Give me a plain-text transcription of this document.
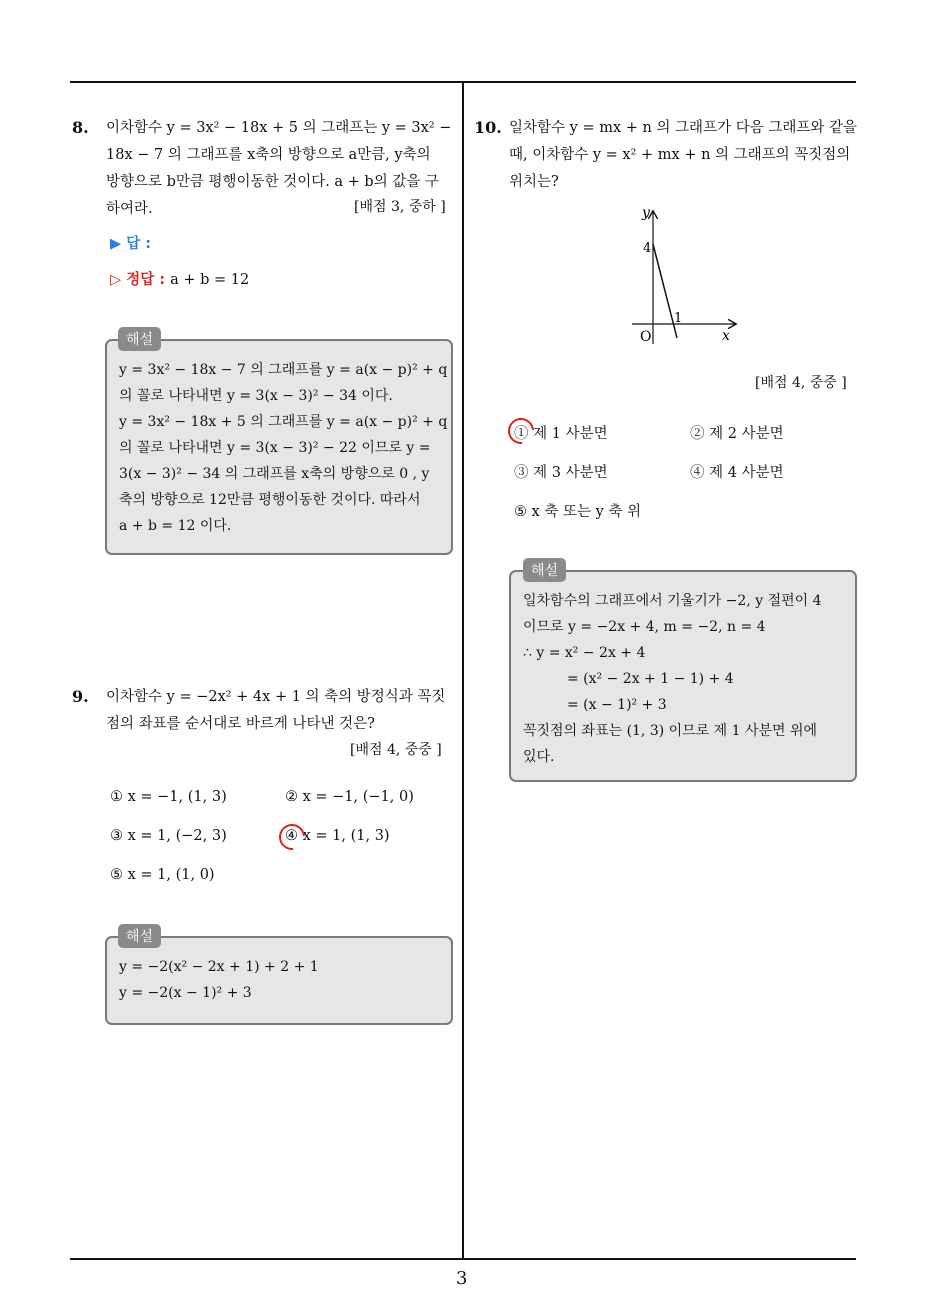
8. 이차함수 y = 3x² − 18x + 5 의 그래프는 y = 3x² −
18x − 7 의 그래프를 x축의 방향으로 a만큼, y축의
방향으로 b만큼 평행이동한 것이다. a + b의 값을 구
하여라.	[배점 3, 중하 ]
▶ 답 :
▷ 정답 : a + b = 12
y = 3x² − 18x − 7 의 그래프를 y = a(x − p)² + q
의 꼴로 나타내면 y = 3(x − 3)² − 34 이다.
y = 3x² − 18x + 5 의 그래프를 y = a(x − p)² + q
의 꼴로 나타내면 y = 3(x − 3)² − 22 이므로 y =
3(x − 3)² − 34 의 그래프를 x축의 방향으로 0 , y
축의 방향으로 12만큼 평행이동한 것이다. 따라서
a + b = 12 이다.
해설
9. 이차함수 y = −2x² + 4x + 1 의 축의 방정식과 꼭짓
점의 좌표를 순서대로 바르게 나타낸 것은?
[배점 4, 중중 ]
① x = −1, (1, 3)	② x = −1, (−1, 0)
③ x = 1, (−2, 3)	④ x = 1, (1, 3)
⑤ x = 1, (1, 0)
y = −2(x² − 2x + 1) + 2 + 1
y = −2(x − 1)² + 3
해설
10. 일차함수 y = mx + n 의 그래프가 다음 그래프와 같을
때, 이차함수 y = x² + mx + n 의 그래프의 꼭짓점의
위치는?
y
x
O
4
1
[배점 4, 중중 ]
① 제 1 사분면	② 제 2 사분면
③ 제 3 사분면	④ 제 4 사분면
⑤ x 축 또는 y 축 위
일차함수의 그래프에서 기울기가 −2, y 절편이 4
이므로 y = −2x + 4, m = −2, n = 4
∴ y = x² − 2x + 4
= (x² − 2x + 1 − 1) + 4
= (x − 1)² + 3
꼭짓점의 좌표는 (1, 3) 이므로 제 1 사분면 위에
있다.
해설
3
